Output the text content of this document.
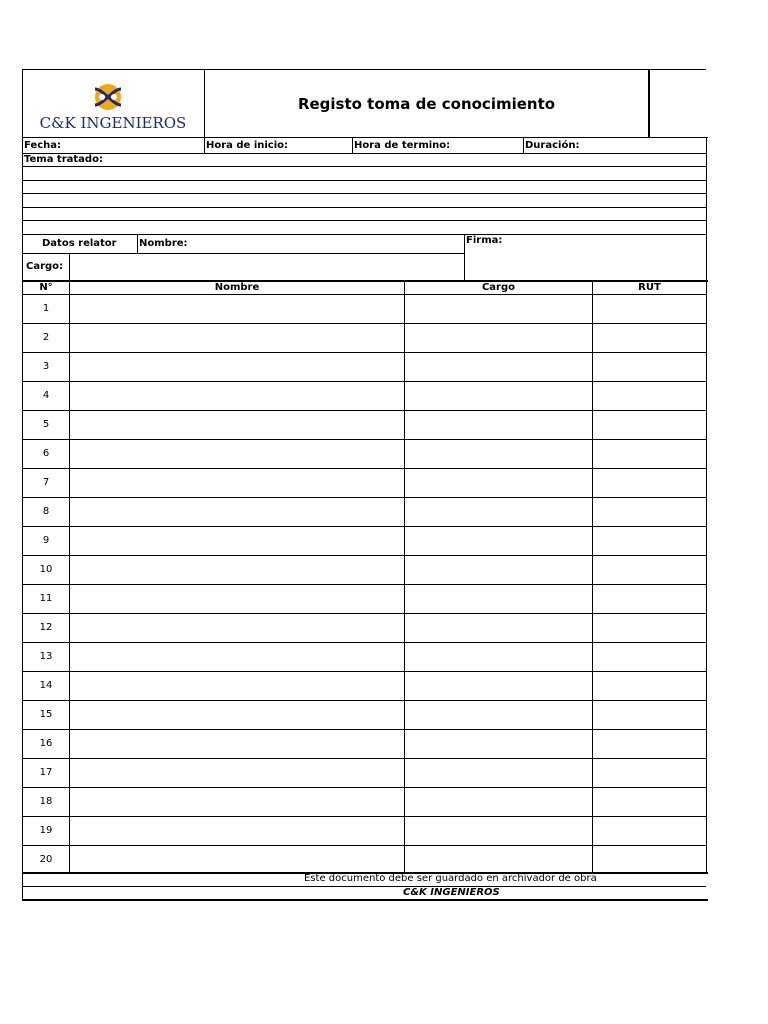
C&K INGENIEROS
Registo toma de conocimiento
Fecha:	Hora de inicio:	Hora de termino:	Duración:
Tema tratado:
Datos relator Nombre:	Firma:
Cargo:
N°	Nombre	Cargo	RUT
1
2
3
4
5
6
7
8
9
10
11
12
13
14
15
16
17
18
19
20
Este documento debe ser guardado en archivador de obra
C&K INGENIEROS
